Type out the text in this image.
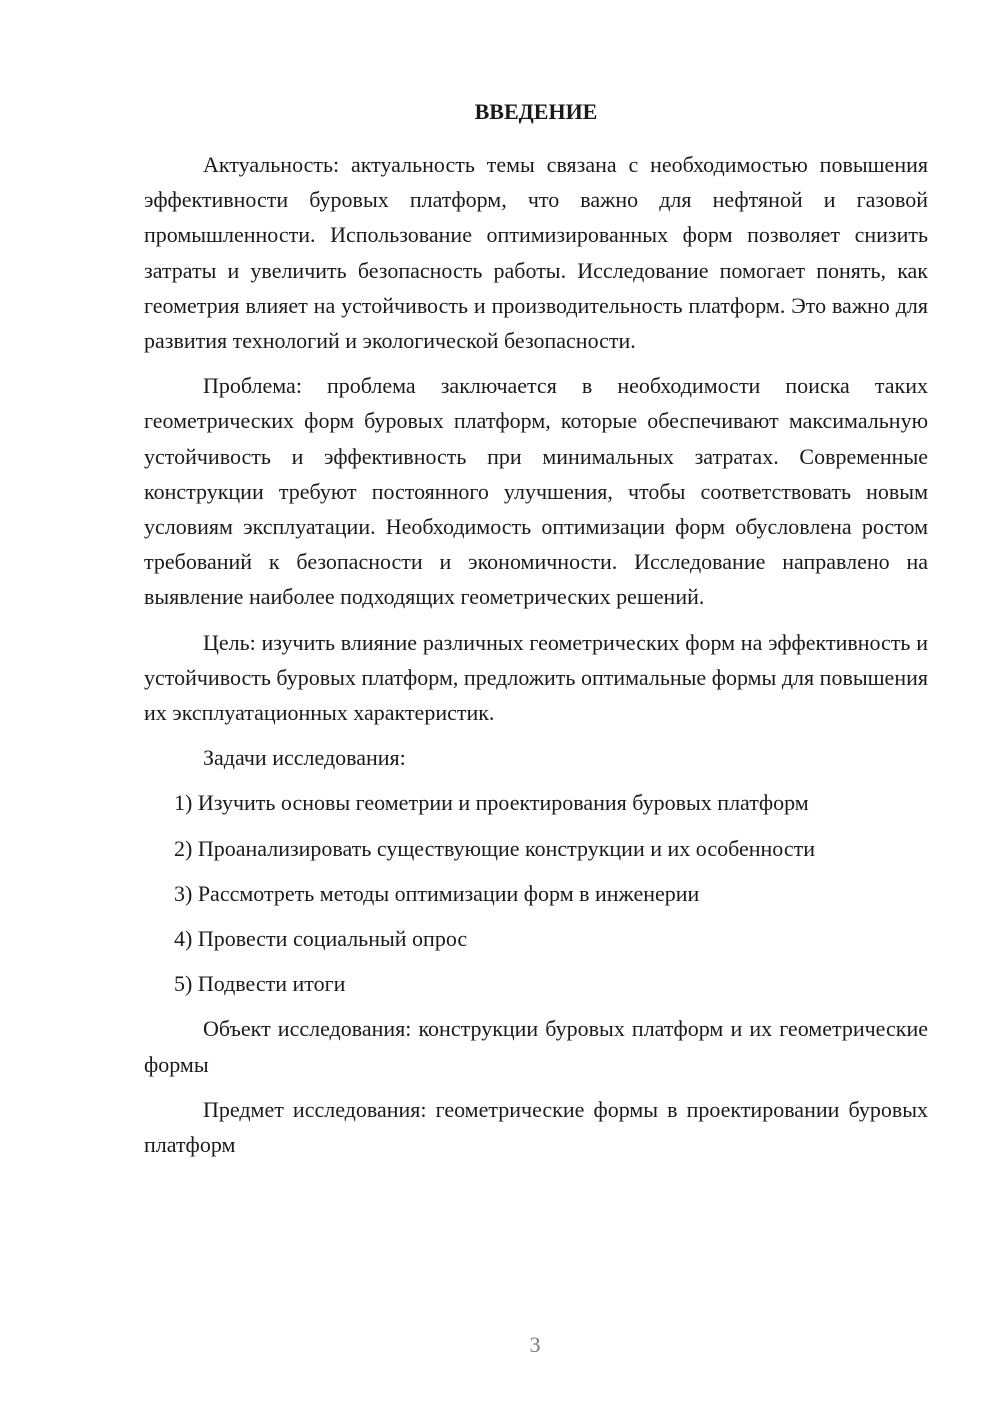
ВВЕДЕНИЕ

Актуальность: актуальность темы связана с необходимостью повышения эффективности буровых платформ, что важно для нефтяной и газовой промышленности. Использование оптимизированных форм позволяет снизить затраты и увеличить безопасность работы. Исследование помогает понять, как геометрия влияет на устойчивость и производительность платформ. Это важно для развития технологий и экологической безопасности.

Проблема: проблема заключается в необходимости поиска таких геометрических форм буровых платформ, которые обеспечивают максимальную устойчивость и эффективность при минимальных затратах. Современные конструкции требуют постоянного улучшения, чтобы соответствовать новым условиям эксплуатации. Необходимость оптимизации форм обусловлена ростом требований к безопасности и экономичности. Исследование направлено на выявление наиболее подходящих геометрических решений.

Цель: изучить влияние различных геометрических форм на эффективность и устойчивость буровых платформ, предложить оптимальные формы для повышения их эксплуатационных характеристик.

Задачи исследования:

1) Изучить основы геометрии и проектирования буровых платформ
2) Проанализировать существующие конструкции и их особенности
3) Рассмотреть методы оптимизации форм в инженерии
4) Провести социальный опрос
5) Подвести итоги

Объект исследования: конструкции буровых платформ и их геометрические формы

Предмет исследования: геометрические формы в проектировании буровых платформ

3
